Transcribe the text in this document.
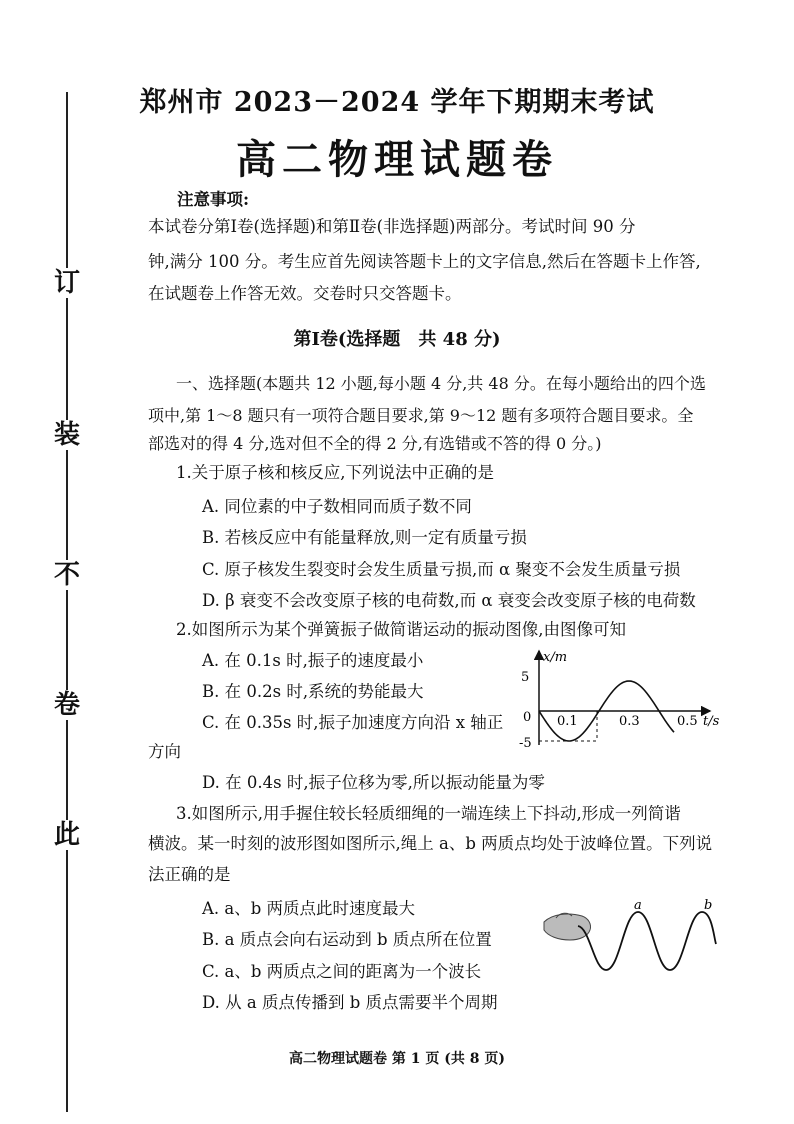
订
装
不
卷
此
郑州市 2023－2024 学年下期期末考试
高二物理试题卷
注意事项:
本试卷分第Ⅰ卷(选择题)和第Ⅱ卷(非选择题)两部分。考试时间 90 分
钟,满分 100 分。考生应首先阅读答题卡上的文字信息,然后在答题卡上作答,
在试题卷上作答无效。交卷时只交答题卡。
第Ⅰ卷(选择题　共 48 分)
一、选择题(本题共 12 小题,每小题 4 分,共 48 分。在每小题给出的四个选
项中,第 1～8 题只有一项符合题目要求,第 9～12 题有多项符合题目要求。全
部选对的得 4 分,选对但不全的得 2 分,有选错或不答的得 0 分。)
1.关于原子核和核反应,下列说法中正确的是
A. 同位素的中子数相同而质子数不同
B. 若核反应中有能量释放,则一定有质量亏损
C. 原子核发生裂变时会发生质量亏损,而 α 聚变不会发生质量亏损
D. β 衰变不会改变原子核的电荷数,而 α 衰变会改变原子核的电荷数
2.如图所示为某个弹簧振子做简谐运动的振动图像,由图像可知
A. 在 0.1s 时,振子的速度最小
B. 在 0.2s 时,系统的势能最大
C. 在 0.35s 时,振子加速度方向沿 x 轴正
方向
D. 在 0.4s 时,振子位移为零,所以振动能量为零
x/m
t/s
0
5
-5
0.1	0.3	0.5
3.如图所示,用手握住较长轻质细绳的一端连续上下抖动,形成一列简谐
横波。某一时刻的波形图如图所示,绳上 a、b 两质点均处于波峰位置。下列说
法正确的是
A. a、b 两质点此时速度最大
B. a 质点会向右运动到 b 质点所在位置
C. a、b 两质点之间的距离为一个波长
D. 从 a 质点传播到 b 质点需要半个周期
a	b
高二物理试题卷 第 1 页 (共 8 页)
